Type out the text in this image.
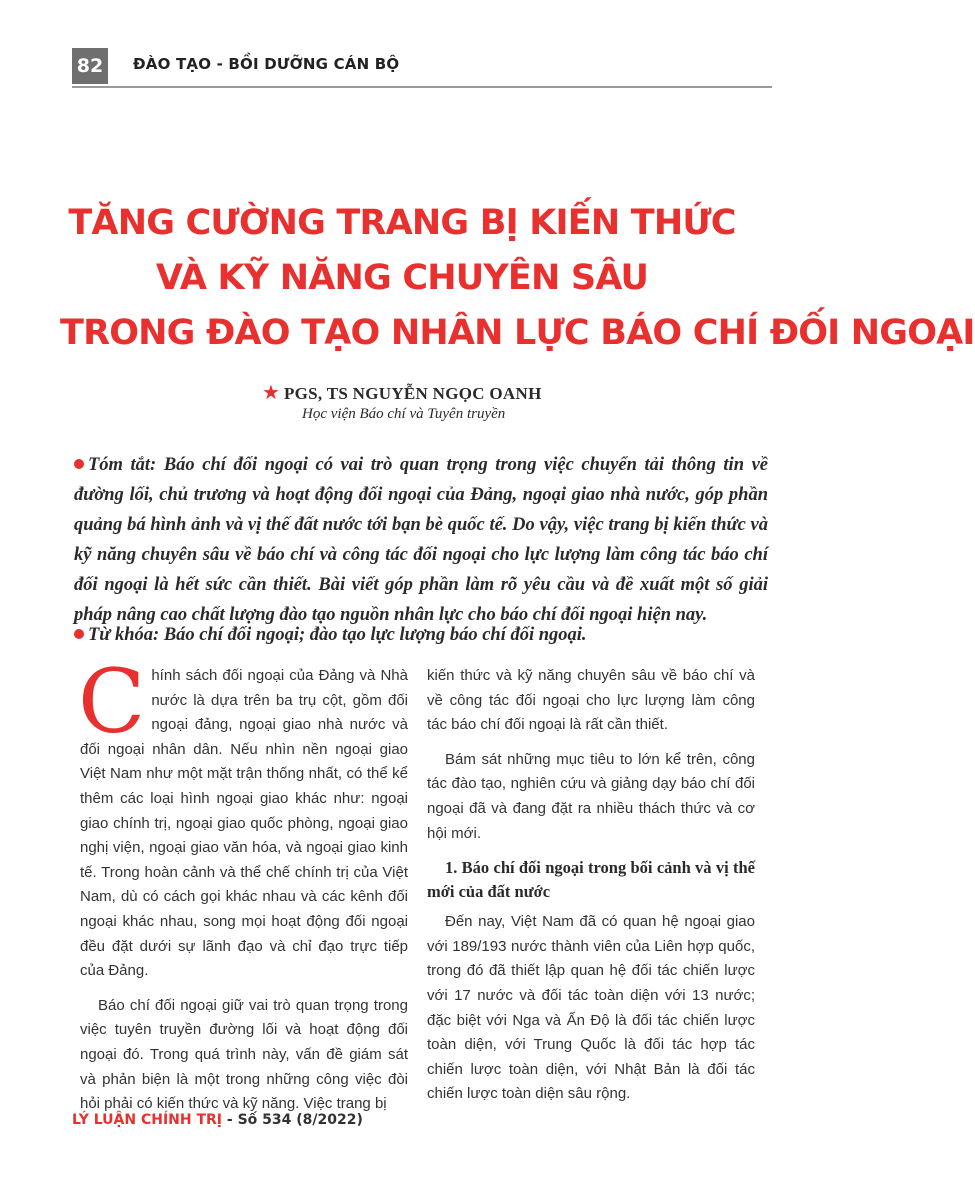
82	ĐÀO TẠO - BỒI DƯỠNG CÁN BỘ
TĂNG CƯỜNG TRANG BỊ KIẾN THỨC
VÀ KỸ NĂNG CHUYÊN SÂU
TRONG ĐÀO TẠO NHÂN LỰC BÁO CHÍ ĐỐI NGOẠI
★ PGS, TS NGUYỄN NGỌC OANH
Học viện Báo chí và Tuyên truyền

Tóm tắt: Báo chí đối ngoại có vai trò quan trọng trong việc chuyển tải thông tin về đường lối, chủ trương và hoạt động đối ngoại của Đảng, ngoại giao nhà nước, góp phần quảng bá hình ảnh và vị thế đất nước tới bạn bè quốc tế. Do vậy, việc trang bị kiến thức và kỹ năng chuyên sâu về báo chí và công tác đối ngoại cho lực lượng làm công tác báo chí đối ngoại là hết sức cần thiết. Bài viết góp phần làm rõ yêu cầu và đề xuất một số giải pháp nâng cao chất lượng đào tạo nguồn nhân lực cho báo chí đối ngoại hiện nay.

Từ khóa: Báo chí đối ngoại; đào tạo lực lượng báo chí đối ngoại.

Chính sách đối ngoại của Đảng và Nhà nước là dựa trên ba trụ cột, gồm đối ngoại đảng, ngoại giao nhà nước và đối ngoại nhân dân. Nếu nhìn nền ngoại giao Việt Nam như một mặt trận thống nhất, có thể kể thêm các loại hình ngoại giao khác như: ngoại giao chính trị, ngoại giao quốc phòng, ngoại giao nghị viện, ngoại giao văn hóa, và ngoại giao kinh tế. Trong hoàn cảnh và thể chế chính trị của Việt Nam, dù có cách gọi khác nhau và các kênh đối ngoại khác nhau, song mọi hoạt động đối ngoại đều đặt dưới sự lãnh đạo và chỉ đạo trực tiếp của Đảng.

Báo chí đối ngoại giữ vai trò quan trọng trong việc tuyên truyền đường lối và hoạt động đối ngoại đó. Trong quá trình này, vấn đề giám sát và phản biện là một trong những công việc đòi hỏi phải có kiến thức và kỹ năng. Việc trang bị

kiến thức và kỹ năng chuyên sâu về báo chí và về công tác đối ngoại cho lực lượng làm công tác báo chí đối ngoại là rất cần thiết.

Bám sát những mục tiêu to lớn kể trên, công tác đào tạo, nghiên cứu và giảng dạy báo chí đối ngoại đã và đang đặt ra nhiều thách thức và cơ hội mới.

1. Báo chí đối ngoại trong bối cảnh và vị thế mới của đất nước

Đến nay, Việt Nam đã có quan hệ ngoại giao với 189/193 nước thành viên của Liên hợp quốc, trong đó đã thiết lập quan hệ đối tác chiến lược với 17 nước và đối tác toàn diện với 13 nước; đặc biệt với Nga và Ấn Độ là đối tác chiến lược toàn diện, với Trung Quốc là đối tác hợp tác chiến lược toàn diện, với Nhật Bản là đối tác chiến lược toàn diện sâu rộng.

LÝ LUẬN CHÍNH TRỊ - Số 534 (8/2022)
